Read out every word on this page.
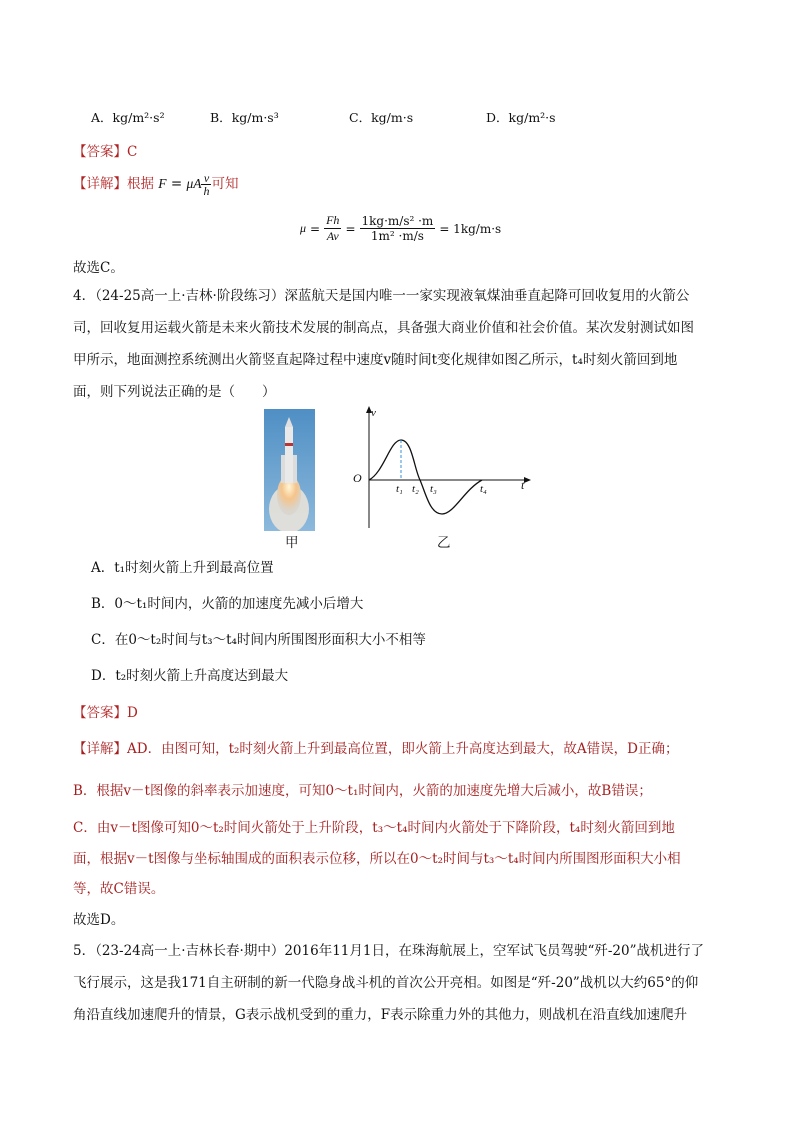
A．kg/m²·s²	B．kg/m·s³	C．kg/m·s	D．kg/m²·s
【答案】C
【详解】根据 F = μA $\frac{v}{h}$ 可知
$\mu = \frac{Fh}{Av} = \frac{\text{1kg·m/s² ·m}}{\text{1m² ·m/s}} = 1kg/m\cdot s$
故选C。
4．（24-25高一上·吉林·阶段练习）深蓝航天是国内唯一一家实现液氧煤油垂直起降可回收复用的火箭公
司，回收复用运载火箭是未来火箭技术发展的制高点，具备强大商业价值和社会价值。某次发射测试如图
甲所示，地面测控系统测出火箭竖直起降过程中速度v随时间t变化规律如图乙所示，t₄时刻火箭回到地
面，则下列说法正确的是（　　）
甲
v
O	t
t₁ t₂ t₃	t₄
乙
A．t₁时刻火箭上升到最高位置
B．0～t₁时间内，火箭的加速度先减小后增大
C．在0～t₂时间与t₃～t₄时间内所围图形面积大小不相等
D．t₂时刻火箭上升高度达到最大
【答案】D
【详解】AD．由图可知，t₂时刻火箭上升到最高位置，即火箭上升高度达到最大，故A错误，D正确；
B．根据v－t图像的斜率表示加速度，可知0～t₁时间内，火箭的加速度先增大后减小，故B错误；
C．由v－t图像可知0～t₂时间火箭处于上升阶段，t₃～t₄时间内火箭处于下降阶段，t₄时刻火箭回到地
面，根据v－t图像与坐标轴围成的面积表示位移，所以在0～t₂时间与t₃～t₄时间内所围图形面积大小相
等，故C错误。
故选D。
5．（23-24高一上·吉林长春·期中）2016年11月1日，在珠海航展上，空军试飞员驾驶“歼-20”战机进行了
飞行展示，这是我171自主研制的新一代隐身战斗机的首次公开亮相。如图是“歼-20”战机以大约65°的仰
角沿直线加速爬升的情景，G表示战机受到的重力，F表示除重力外的其他力，则战机在沿直线加速爬升
